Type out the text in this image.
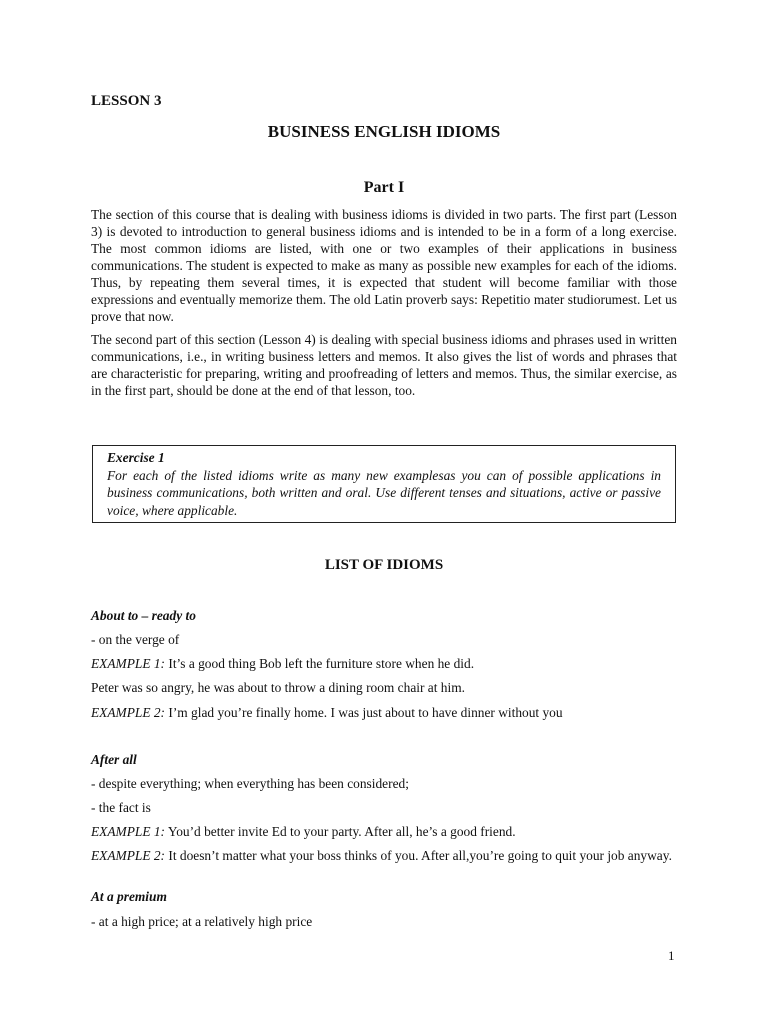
LESSON 3
BUSINESS ENGLISH IDIOMS
Part I

The section of this course that is dealing with business idioms is divided in two parts. The first part (Lesson 3) is devoted to introduction to general business idioms and is intended to be in a form of a long exercise. The most common idioms are listed, with one or two examples of their applications in business communications. The student is expected to make as many as possible new examples for each of the idioms. Thus, by repeating them several times, it is expected that student will become familiar with those expressions and eventually memorize them. The old Latin proverb says: Repetitio mater studiorumest. Let us prove that now.

The second part of this section (Lesson 4) is dealing with special business idioms and phrases used in written communications, i.e., in writing business letters and memos. It also gives the list of words and phrases that are characteristic for preparing, writing and proofreading of letters and memos. Thus, the similar exercise, as in the first part, should be done at the end of that lesson, too.

Exercise 1
For each of the listed idioms write as many new examplesas you can of possible applications in business communications, both written and oral. Use different tenses and situations, active or passive voice, where applicable.
LIST OF IDIOMS

About to – ready to

- on the verge of

EXAMPLE 1: It’s a good thing Bob left the furniture store when he did.

Peter was so angry, he was about to throw a dining room chair at him.

EXAMPLE 2: I’m glad you’re finally home. I was just about to have dinner without you

After all

- despite everything; when everything has been considered;

- the fact is

EXAMPLE 1: You’d better invite Ed to your party. After all, he’s a good friend.

EXAMPLE 2: It doesn’t matter what your boss thinks of you. After all,you’re going to quit your job anyway.

At a premium

- at a high price; at a relatively high price

1
